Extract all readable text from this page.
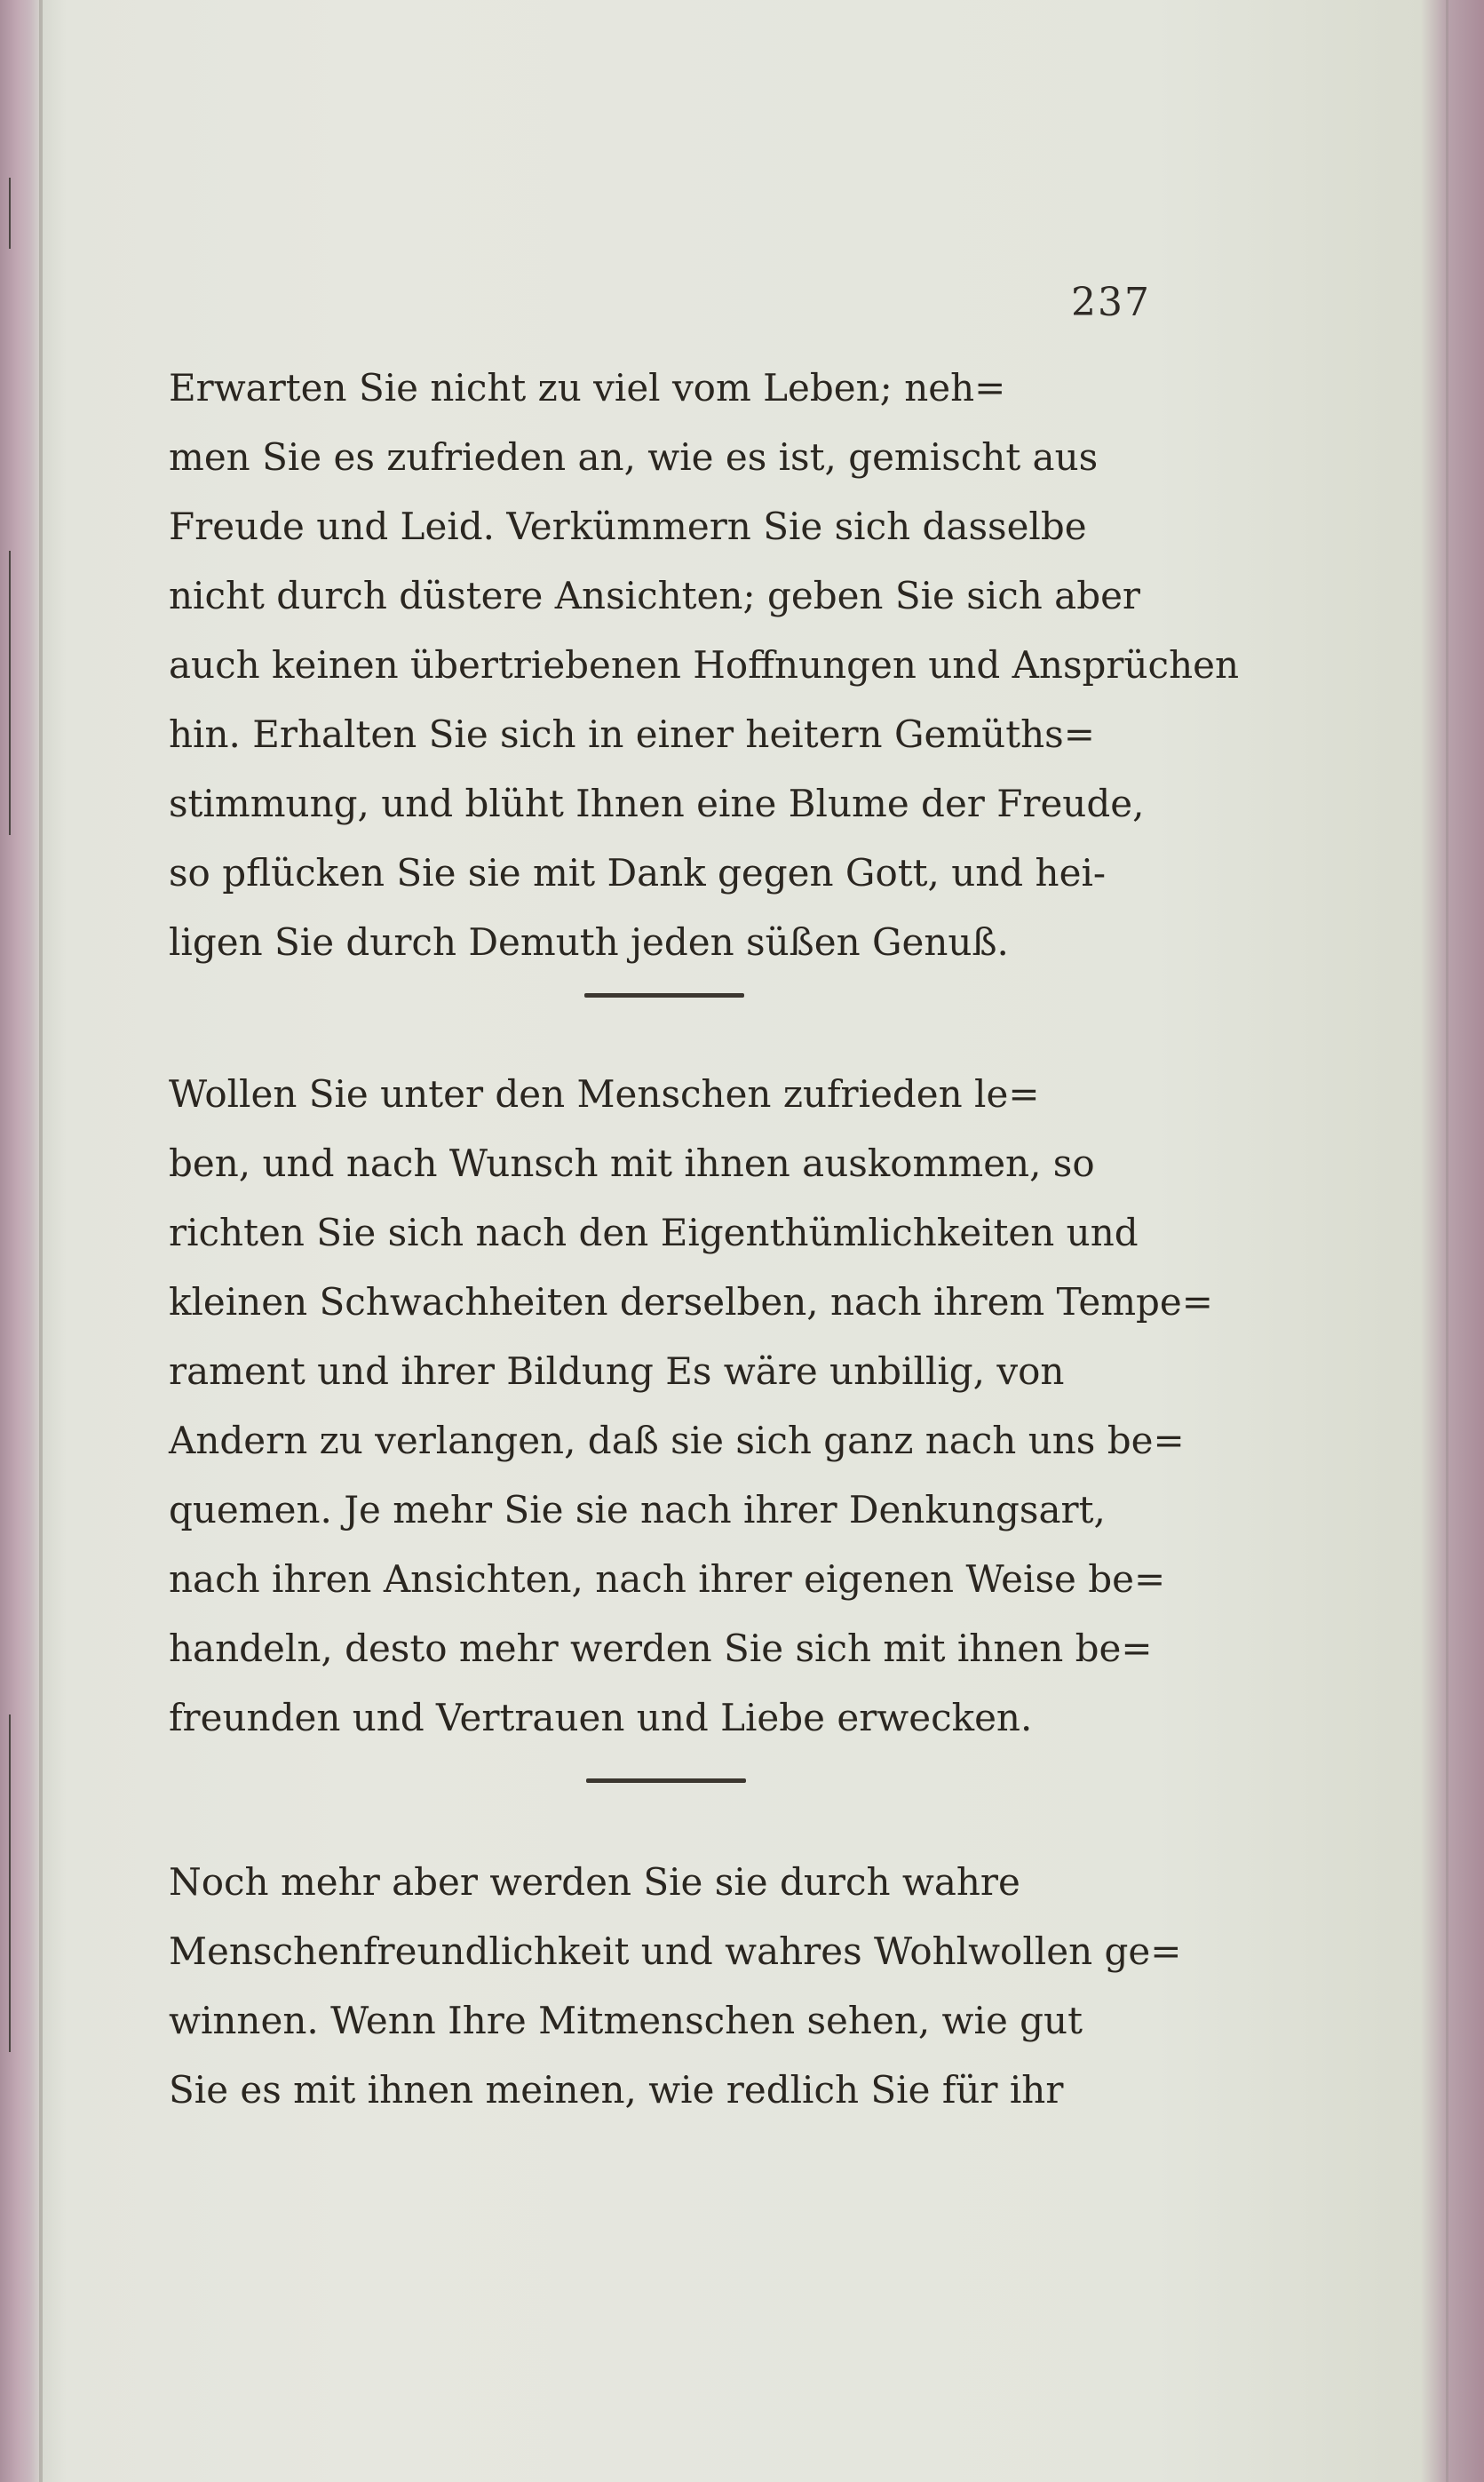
237

Erwarten Sie nicht zu viel vom Leben; neh=
men Sie es zufrieden an, wie es ist, gemischt aus
Freude und Leid. Verkümmern Sie sich dasselbe
nicht durch düstere Ansichten; geben Sie sich aber
auch keinen übertriebenen Hoffnungen und Ansprüchen
hin. Erhalten Sie sich in einer heitern Gemüths=
stimmung, und blüht Ihnen eine Blume der Freude,
so pflücken Sie sie mit Dank gegen Gott, und hei-
ligen Sie durch Demuth jeden süßen Genuß.

Wollen Sie unter den Menschen zufrieden le=
ben, und nach Wunsch mit ihnen auskommen, so
richten Sie sich nach den Eigenthümlichkeiten und
kleinen Schwachheiten derselben, nach ihrem Tempe=
rament und ihrer Bildung Es wäre unbillig, von
Andern zu verlangen, daß sie sich ganz nach uns be=
quemen. Je mehr Sie sie nach ihrer Denkungsart,
nach ihren Ansichten, nach ihrer eigenen Weise be=
handeln, desto mehr werden Sie sich mit ihnen be=
freunden und Vertrauen und Liebe erwecken.

Noch mehr aber werden Sie sie durch wahre
Menschenfreundlichkeit und wahres Wohlwollen ge=
winnen. Wenn Ihre Mitmenschen sehen, wie gut
Sie es mit ihnen meinen, wie redlich Sie für ihr
